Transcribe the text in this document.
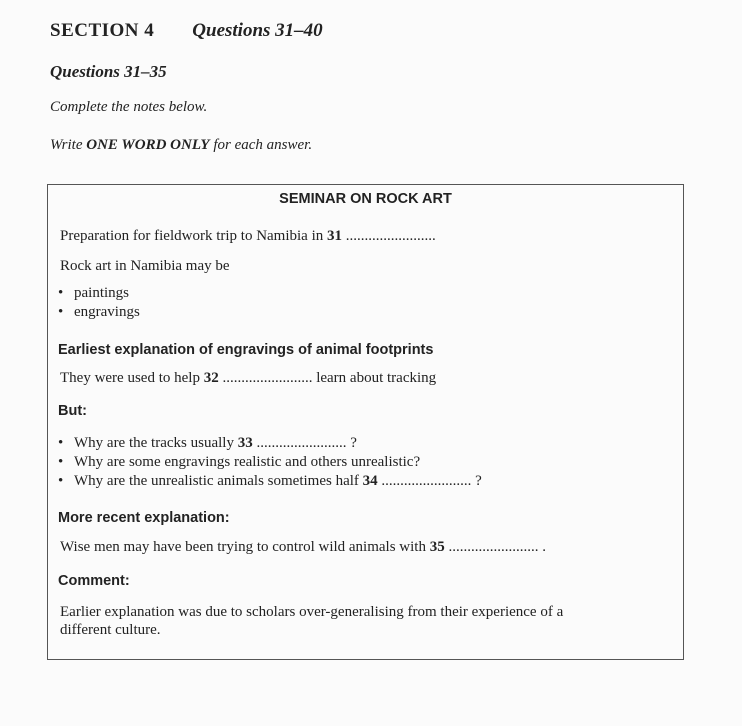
SECTION 4 Questions 31–40
Questions 31–35
Complete the notes below.
Write ONE WORD ONLY for each answer.
SEMINAR ON ROCK ART
Preparation for fieldwork trip to Namibia in 31 ........................
Rock art in Namibia may be
• paintings
• engravings
Earliest explanation of engravings of animal footprints
They were used to help 32 ........................ learn about tracking
But:
• Why are the tracks usually 33 ........................ ?
• Why are some engravings realistic and others unrealistic?
• Why are the unrealistic animals sometimes half 34 ........................ ?
More recent explanation:
Wise men may have been trying to control wild animals with 35 ........................ .
Comment:
Earlier explanation was due to scholars over-generalising from their experience of a
different culture.
